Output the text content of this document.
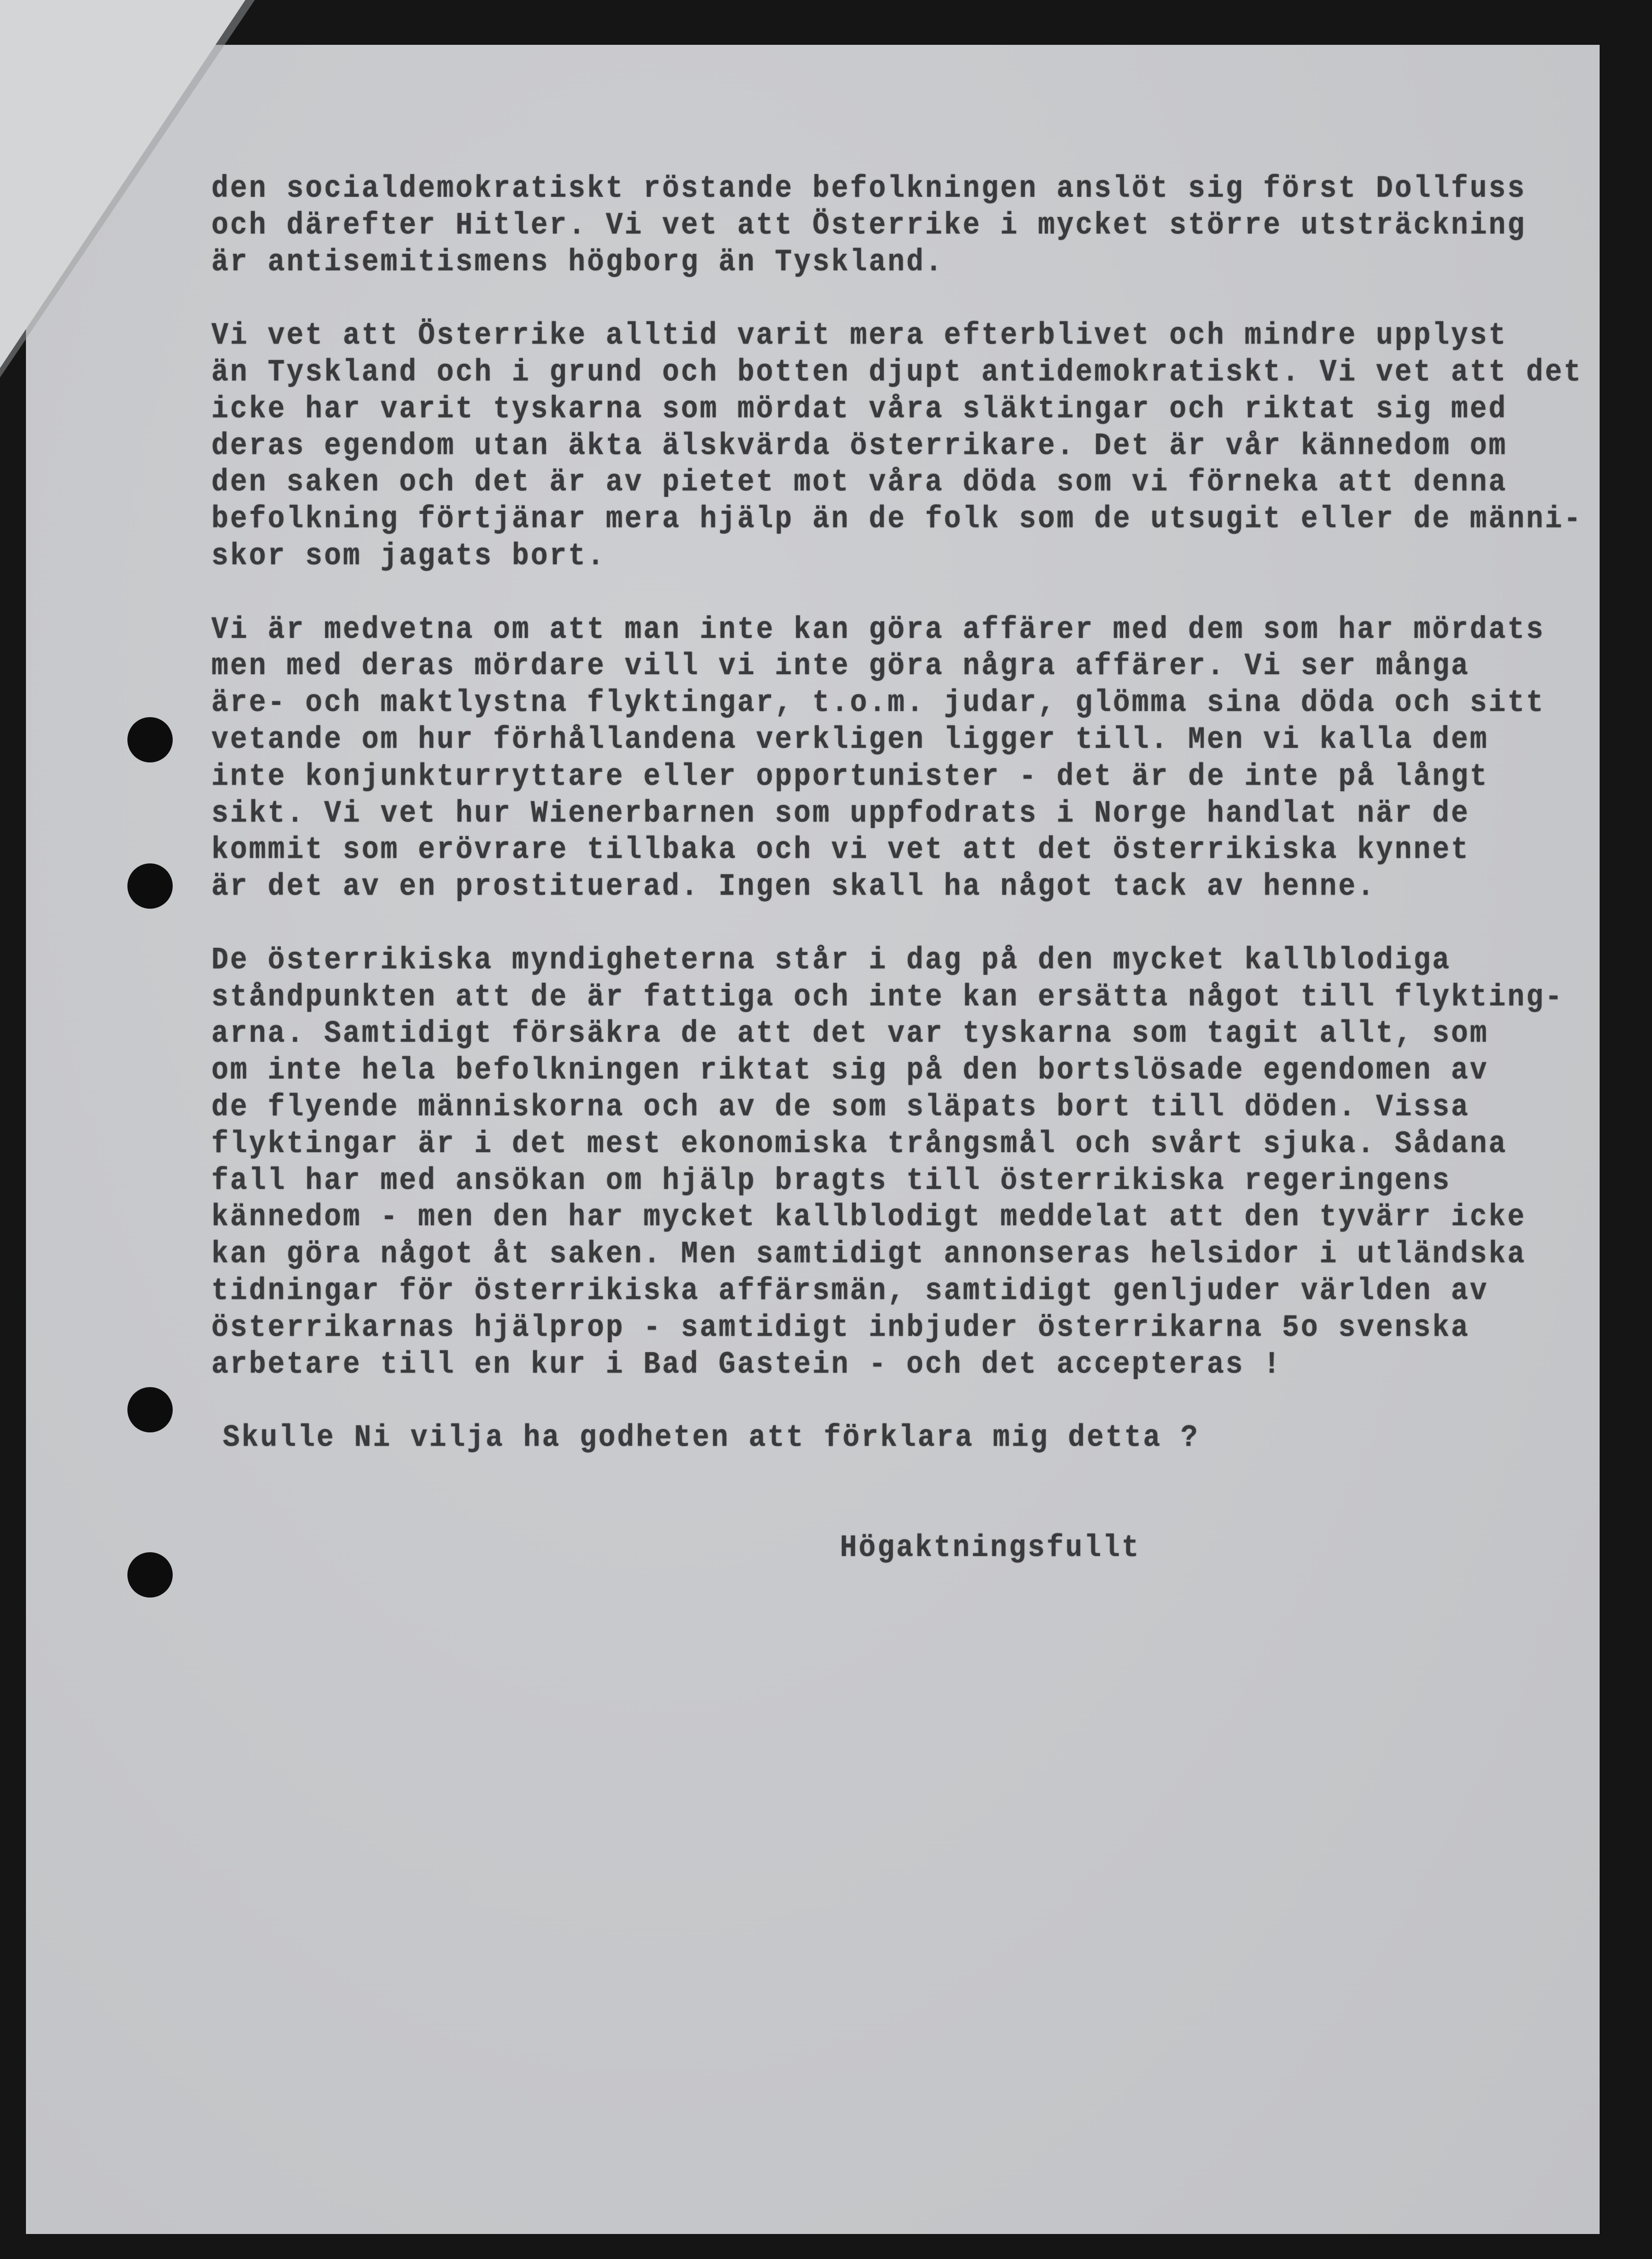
den socialdemokratiskt röstande befolkningen anslöt sig först Dollfuss
och därefter Hitler. Vi vet att Österrike i mycket större utsträckning
är antisemitismens högborg än Tyskland.
Vi vet att Österrike alltid varit mera efterblivet och mindre upplyst
än Tyskland och i grund och botten djupt antidemokratiskt. Vi vet att det
icke har varit tyskarna som mördat våra släktingar och riktat sig med
deras egendom utan äkta älskvärda österrikare. Det är vår kännedom om
den saken och det är av pietet mot våra döda som vi förneka att denna
befolkning förtjänar mera hjälp än de folk som de utsugit eller de männi-
skor som jagats bort.
Vi är medvetna om att man inte kan göra affärer med dem som har mördats
men med deras mördare vill vi inte göra några affärer. Vi ser många
äre- och maktlystna flyktingar, t.o.m. judar, glömma sina döda och sitt
vetande om hur förhållandena verkligen ligger till. Men vi kalla dem
inte konjunkturryttare eller opportunister - det är de inte på långt
sikt. Vi vet hur Wienerbarnen som uppfodrats i Norge handlat när de
kommit som erövrare tillbaka och vi vet att det österrikiska kynnet
är det av en prostituerad. Ingen skall ha något tack av henne.
De österrikiska myndigheterna står i dag på den mycket kallblodiga
ståndpunkten att de är fattiga och inte kan ersätta något till flykting-
arna. Samtidigt försäkra de att det var tyskarna som tagit allt, som
om inte hela befolkningen riktat sig på den bortslösade egendomen av
de flyende människorna och av de som släpats bort till döden. Vissa
flyktingar är i det mest ekonomiska trångsmål och svårt sjuka. Sådana
fall har med ansökan om hjälp bragts till österrikiska regeringens
kännedom - men den har mycket kallblodigt meddelat att den tyvärr icke
kan göra något åt saken. Men samtidigt annonseras helsidor i utländska
tidningar för österrikiska affärsmän, samtidigt genljuder världen av
österrikarnas hjälprop - samtidigt inbjuder österrikarna 5o svenska
arbetare till en kur i Bad Gastein - och det accepteras !
Skulle Ni vilja ha godheten att förklara mig detta ?
Högaktningsfullt
